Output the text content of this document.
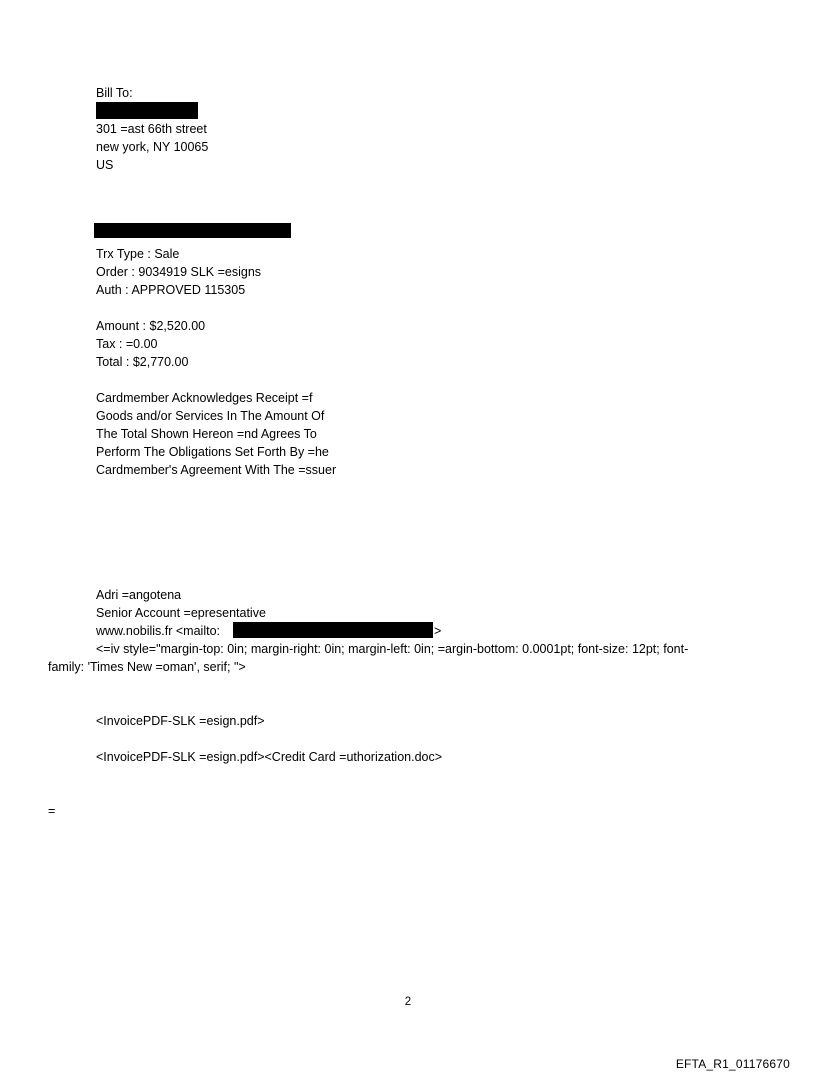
Bill To:
301 =ast 66th street
new york, NY 10065
US
Account # : XXXXXXXXXXXX2005
Trx Type : Sale
Order : 9034919 SLK =esigns
Auth : APPROVED 115305
Amount : $2,520.00
Tax : =0.00
Total : $2,770.00
Cardmember Acknowledges Receipt =f
Goods and/or Services In The Amount Of
The Total Shown Hereon =nd Agrees To
Perform The Obligations Set Forth By =he
Cardmember's Agreement With The =ssuer
Adri =angotena
Senior Account =epresentative
www.nobilis.fr <mailto:	>
<=iv style="margin-top: 0in; margin-right: 0in; margin-left: 0in; =argin-bottom: 0.0001pt; font-size: 12pt; font-
family: 'Times New =oman', serif; ">
<InvoicePDF-SLK =esign.pdf>
<InvoicePDF-SLK =esign.pdf><Credit Card =uthorization.doc>
=
2
EFTA_R1_01176670
